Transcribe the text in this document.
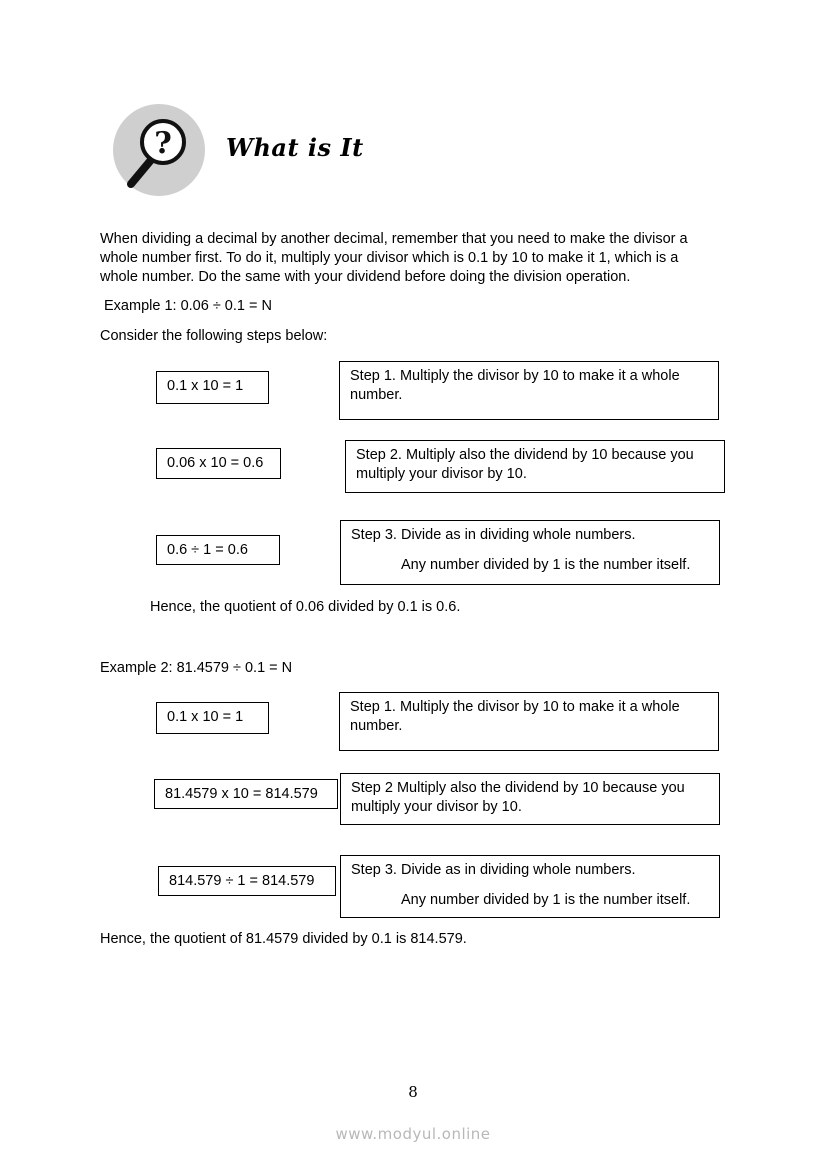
? What is It
When dividing a decimal by another decimal, remember that you need to make the divisor a
whole number first. To do it, multiply your divisor which is 0.1 by 10 to make it 1, which is a
whole number. Do the same with your dividend before doing the division operation.
Example 1: 0.06 ÷ 0.1 = N
Consider the following steps below:
0.1 x 10 = 1
Step 1. Multiply the divisor by 10 to make it a whole number.
0.06 x 10 = 0.6	Step 2. Multiply also the dividend by 10 because you multiply your divisor by 10.
0.6 ÷ 1 = 0.6
Step 3. Divide as in dividing whole numbers.
Any number divided by 1 is the number itself.
Hence, the quotient of 0.06 divided by 0.1 is 0.6.
Example 2: 81.4579 ÷ 0.1 = N
0.1 x 10 = 1
Step 1. Multiply the divisor by 10 to make it a whole number.
81.4579 x 10 = 814.579	Step 2 Multiply also the dividend by 10 because you multiply your divisor by 10.
814.579 ÷ 1 = 814.579
Step 3. Divide as in dividing whole numbers.
Any number divided by 1 is the number itself.
Hence, the quotient of 81.4579 divided by 0.1 is 814.579.
8
www.modyul.online
